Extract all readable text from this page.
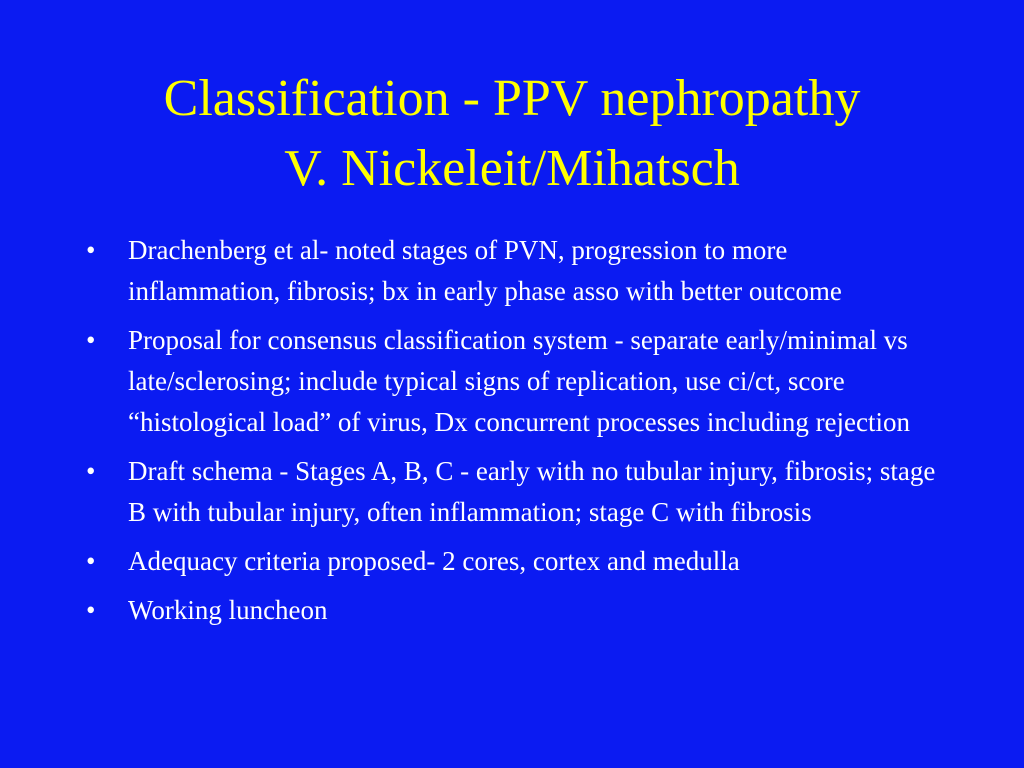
Classification - PPV nephropathy
V. Nickeleit/Mihatsch
•	Drachenberg et al- noted stages of PVN, progression to more inflammation, fibrosis; bx in early phase asso with better outcome
•	Proposal for consensus classification system - separate early/minimal vs late/sclerosing; include typical signs of replication, use ci/ct, score “histological load” of virus, Dx concurrent processes including rejection
•	Draft schema - Stages A, B, C - early with no tubular injury, fibrosis; stage B with tubular injury, often inflammation; stage C with fibrosis
•	Adequacy criteria proposed- 2 cores, cortex and medulla
•	Working luncheon
